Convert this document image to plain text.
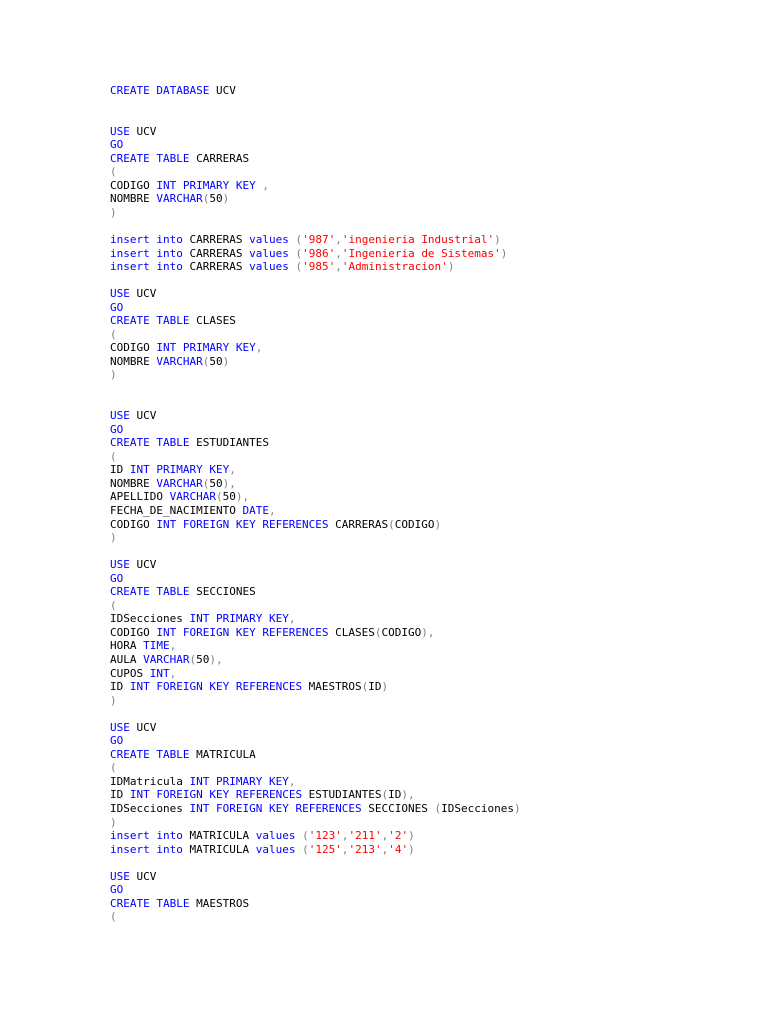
CREATE DATABASE UCV
USE UCV
GO
CREATE TABLE CARRERAS
(
CODIGO INT PRIMARY KEY ,
NOMBRE VARCHAR(50)
)
insert into CARRERAS values ('987','ingenieria Industrial')
insert into CARRERAS values ('986','Ingenieria de Sistemas')
insert into CARRERAS values ('985','Administracion')
USE UCV
GO
CREATE TABLE CLASES
(
CODIGO INT PRIMARY KEY,
NOMBRE VARCHAR(50)
)
USE UCV
GO
CREATE TABLE ESTUDIANTES
(
ID INT PRIMARY KEY,
NOMBRE VARCHAR(50),
APELLIDO VARCHAR(50),
FECHA_DE_NACIMIENTO DATE,
CODIGO INT FOREIGN KEY REFERENCES CARRERAS(CODIGO)
)
USE UCV
GO
CREATE TABLE SECCIONES
(
IDSecciones INT PRIMARY KEY,
CODIGO INT FOREIGN KEY REFERENCES CLASES(CODIGO),
HORA TIME,
AULA VARCHAR(50),
CUPOS INT,
ID INT FOREIGN KEY REFERENCES MAESTROS(ID)
)
USE UCV
GO
CREATE TABLE MATRICULA
(
IDMatricula INT PRIMARY KEY,
ID INT FOREIGN KEY REFERENCES ESTUDIANTES(ID),
IDSecciones INT FOREIGN KEY REFERENCES SECCIONES (IDSecciones)
)
insert into MATRICULA values ('123','211','2')
insert into MATRICULA values ('125','213','4')
USE UCV
GO
CREATE TABLE MAESTROS
(
